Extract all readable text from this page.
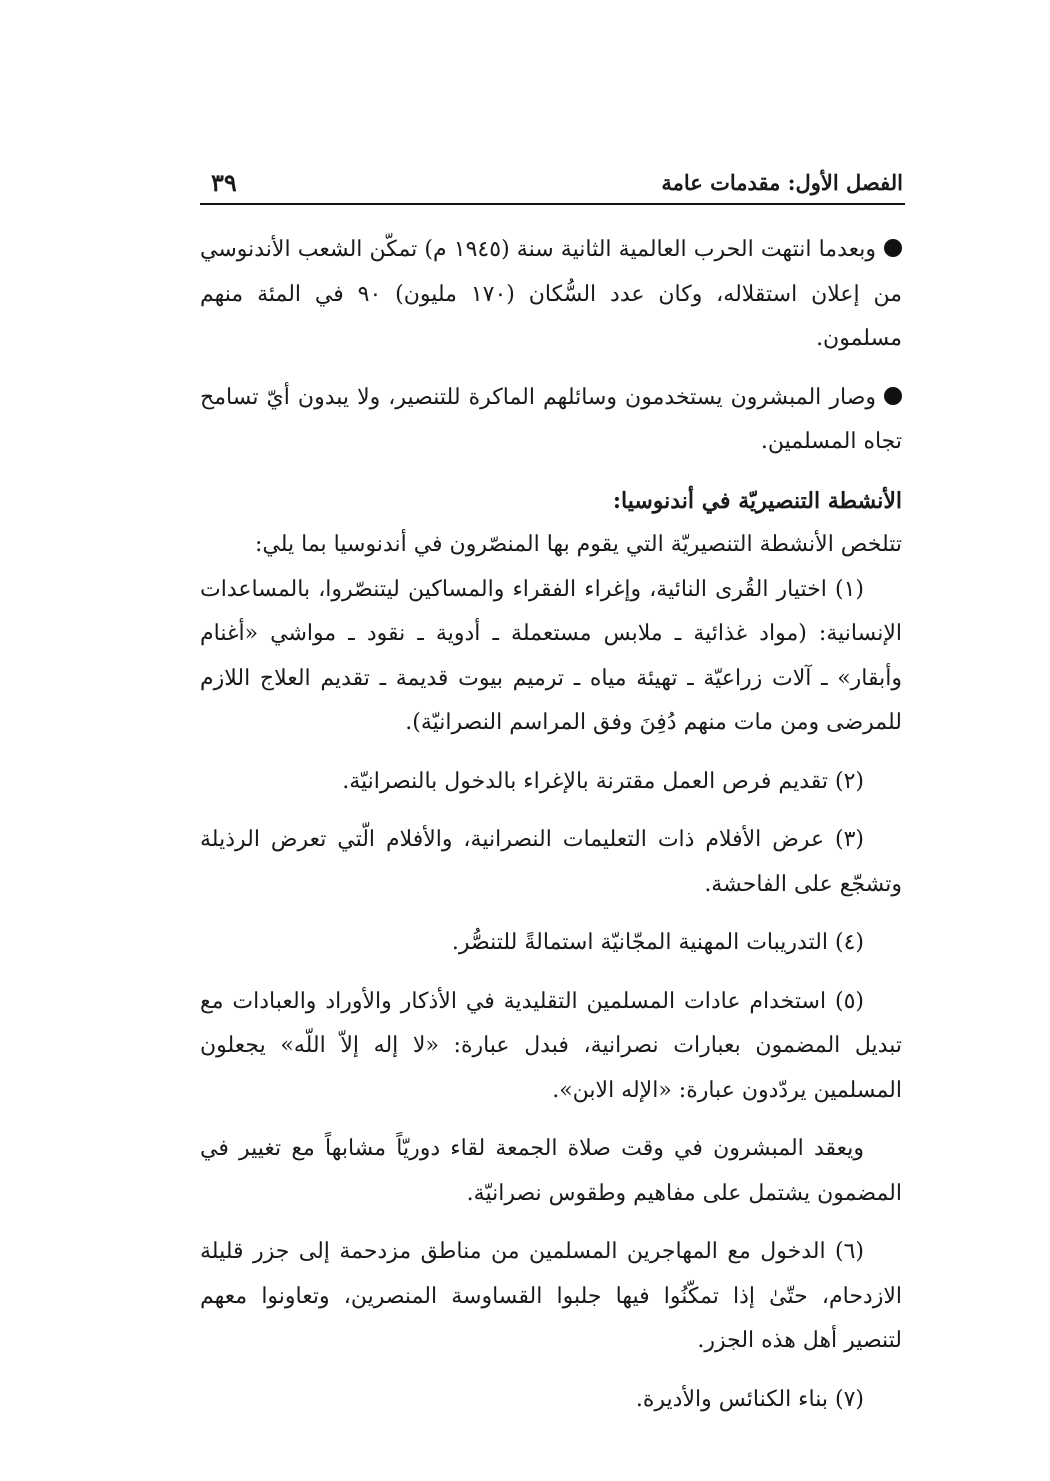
الفصل الأول: مقدمات عامة
٣٩

وبعدما انتهت الحرب العالمية الثانية سنة (١٩٤٥ م) تمكّن الشعب الأندنوسي من إعلان استقلاله، وكان عدد السُّكان (١٧٠ مليون) ٩٠ في المئة منهم مسلمون.

وصار المبشرون يستخدمون وسائلهم الماكرة للتنصير، ولا يبدون أيّ تسامح تجاه المسلمين.

الأنشطة التنصيريّة في أندنوسيا:

تتلخص الأنشطة التنصيريّة التي يقوم بها المنصّرون في أندنوسيا بما يلي:

(١) اختيار القُرى النائية، وإغراء الفقراء والمساكين ليتنصّروا، بالمساعدات الإنسانية: (مواد غذائية ـ ملابس مستعملة ـ أدوية ـ نقود ـ مواشي «أغنام وأبقار» ـ آلات زراعيّة ـ تهيئة مياه ـ ترميم بيوت قديمة ـ تقديم العلاج اللازم للمرضى ومن مات منهم دُفِنَ وفق المراسم النصرانيّة).

(٢) تقديم فرص العمل مقترنة بالإغراء بالدخول بالنصرانيّة.

(٣) عرض الأفلام ذات التعليمات النصرانية، والأفلام الّتي تعرض الرذيلة وتشجّع على الفاحشة.

(٤) التدريبات المهنية المجّانيّة استمالةً للتنصُّر.

(٥) استخدام عادات المسلمين التقليدية في الأذكار والأوراد والعبادات مع تبديل المضمون بعبارات نصرانية، فبدل عبارة: «لا إله إلاّ اللّه» يجعلون المسلمين يردّدون عبارة: «الإله الابن».

ويعقد المبشرون في وقت صلاة الجمعة لقاء دوريّاً مشابهاً مع تغيير في المضمون يشتمل على مفاهيم وطقوس نصرانيّة.

(٦) الدخول مع المهاجرين المسلمين من مناطق مزدحمة إلى جزر قليلة الازدحام، حتّىٰ إذا تمكّنُوا فيها جلبوا القساوسة المنصرين، وتعاونوا معهم لتنصير أهل هذه الجزر.

(٧) بناء الكنائس والأديرة.
